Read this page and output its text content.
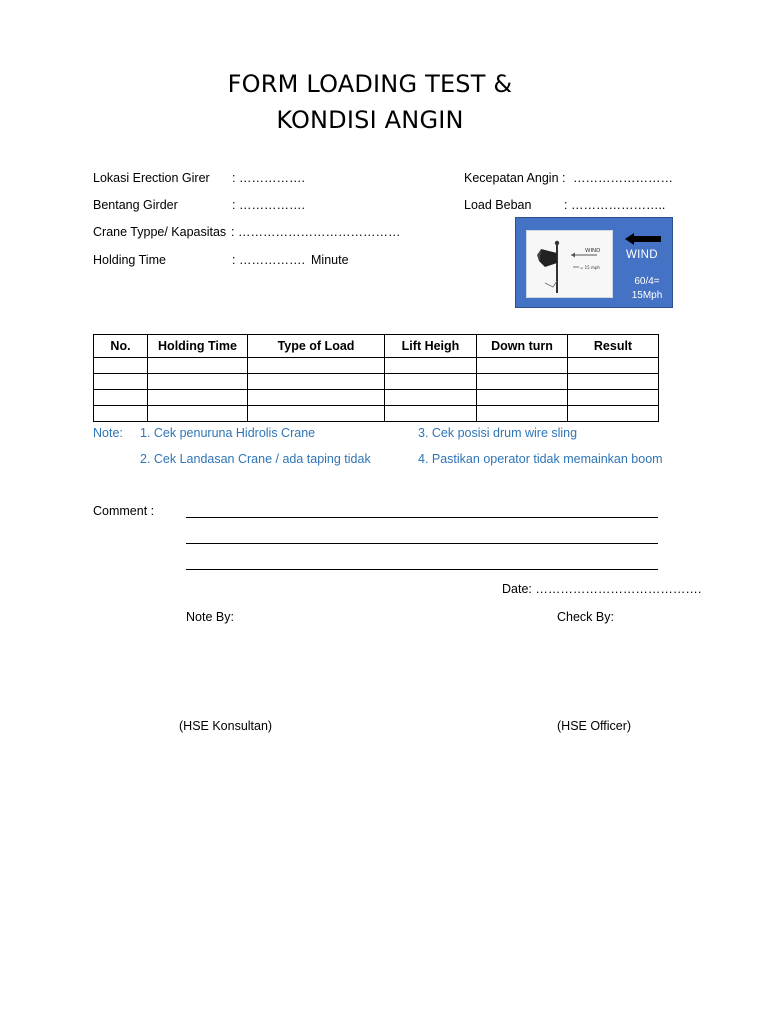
FORM LOADING TEST &
KONDISI ANGIN
Lokasi Erection Girer : …………….
Bentang Girder	: …………….
Crane Typpe/ Kapasitas : …………………………………
Holding Time	: ……………. Minute
Kecepatan Angin : ……………………
Load Beban	: …………………..
WIND
= 15 mph
WIND
60/4=
15Mph
No.	Holding Time	Type of Load	Lift Heigh	Down turn	Result

Note: 1. Cek penuruna Hidrolis Crane	3. Cek posisi drum wire sling
2. Cek Landasan Crane / ada taping tidak	4. Pastikan operator tidak memainkan boom
Comment :
Date: ………………………………….
Note By:	Check By:
(HSE Konsultan)	(HSE Officer)
